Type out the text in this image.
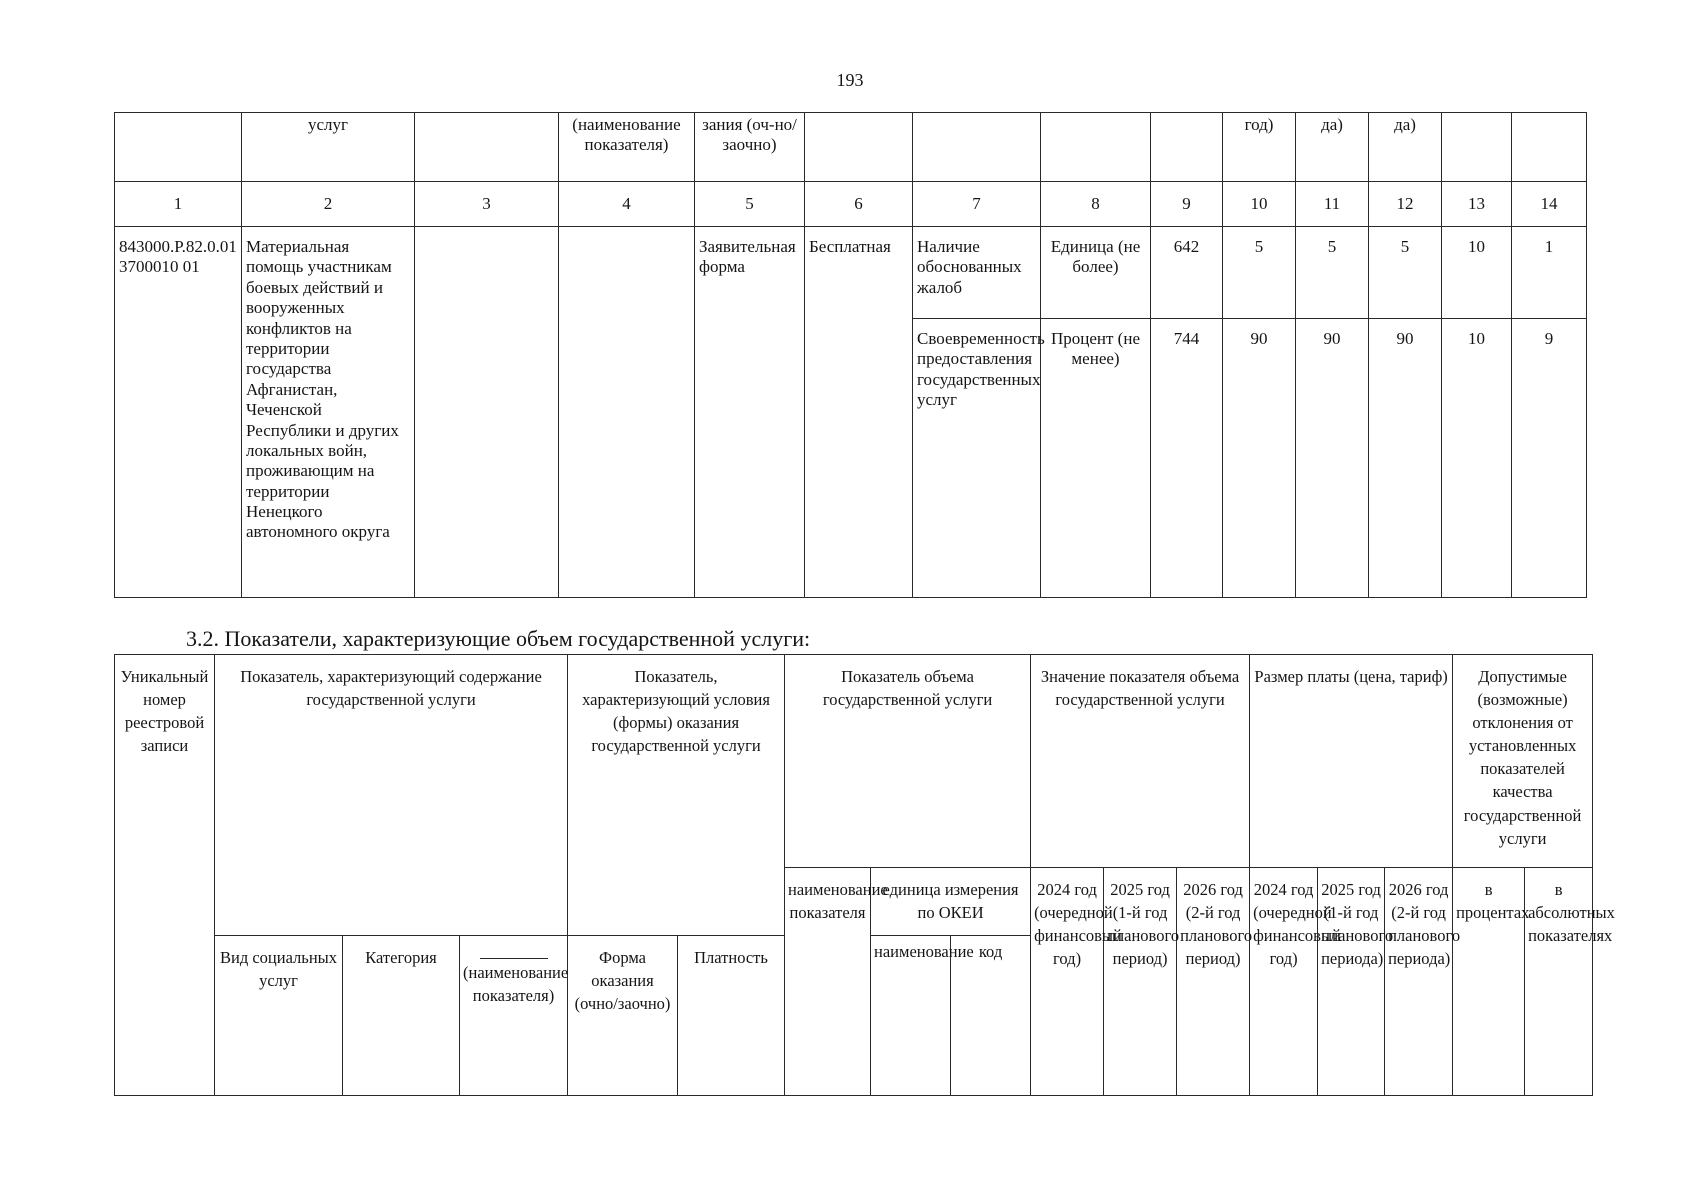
193
	услуг		(наименование показателя)	зания (оч-но/заочно)					год)	да)	да)		
1	2	3	4	5	6	7	8	9	10	11	12	13	14
843000.Р.82.0.013700010 01	Материальная помощь участникам боевых действий и вооруженных конфликтов на территории государства Афганистан, Чеченской Республики и других локальных войн, проживающим на территории Ненецкого автономного округа			Заявительная форма	Бесплатная	Наличие обоснованных жалоб	Единица (не более)	642	5	5	5	10	1
						Своевременность предоставления государственных услуг	Процент (не менее)	744	90	90	90	10	9
3.2. Показатели, характеризующие объем государственной услуги:
Уникальный номер реестровой записи	Показатель, характеризующий содержание государственной услуги			Показатель, характеризующий условия (формы) оказания государственной услуги		Показатель объема государственной услуги			Значение показателя объема государственной услуги			Размер платы (цена, тариф)			Допустимые (возможные) отклонения от установленных показателей качества государственной услуги	
						наименование показателя	единица измерения по ОКЕИ		2024 год (очередной финансовый год)	2025 год (1-й год планового период)	2026 год (2-й год планового период)	2024 год (очередной финансовый год)	2025 год (1-й год планового периода)	2026 год (2-й год планового периода)	в процентах	в абсолютных показателях
	Вид социальных услуг	Категория	(наименование показателя)	Форма оказания (очно/заочно)	Платность		наименование	код								
